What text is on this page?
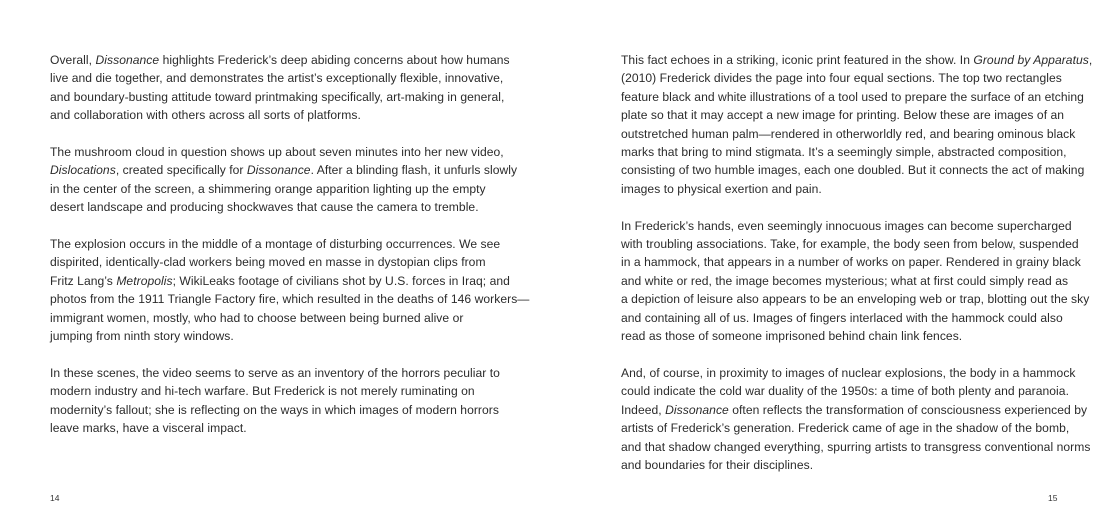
Overall, Dissonance highlights Frederick’s deep abiding concerns about how humans
live and die together, and demonstrates the artist’s exceptionally flexible, innovative,
and boundary-busting attitude toward printmaking specifically, art-making in general,
and collaboration with others across all sorts of platforms.

The mushroom cloud in question shows up about seven minutes into her new video,
Dislocations, created specifically for Dissonance. After a blinding flash, it unfurls slowly
in the center of the screen, a shimmering orange apparition lighting up the empty
desert landscape and producing shockwaves that cause the camera to tremble.

The explosion occurs in the middle of a montage of disturbing occurrences. We see
dispirited, identically-clad workers being moved en masse in dystopian clips from
Fritz Lang’s Metropolis; WikiLeaks footage of civilians shot by U.S. forces in Iraq; and
photos from the 1911 Triangle Factory fire, which resulted in the deaths of 146 workers—
immigrant women, mostly, who had to choose between being burned alive or
jumping from ninth story windows.

In these scenes, the video seems to serve as an inventory of the horrors peculiar to
modern industry and hi-tech warfare. But Frederick is not merely ruminating on
modernity’s fallout; she is reflecting on the ways in which images of modern horrors
leave marks, have a visceral impact.

14

This fact echoes in a striking, iconic print featured in the show. In Ground by Apparatus,
(2010) Frederick divides the page into four equal sections. The top two rectangles
feature black and white illustrations of a tool used to prepare the surface of an etching
plate so that it may accept a new image for printing. Below these are images of an
outstretched human palm—rendered in otherworldly red, and bearing ominous black
marks that bring to mind stigmata. It’s a seemingly simple, abstracted composition,
consisting of two humble images, each one doubled. But it connects the act of making
images to physical exertion and pain.

In Frederick’s hands, even seemingly innocuous images can become supercharged
with troubling associations. Take, for example, the body seen from below, suspended
in a hammock, that appears in a number of works on paper. Rendered in grainy black
and white or red, the image becomes mysterious; what at first could simply read as
a depiction of leisure also appears to be an enveloping web or trap, blotting out the sky
and containing all of us. Images of fingers interlaced with the hammock could also
read as those of someone imprisoned behind chain link fences.

And, of course, in proximity to images of nuclear explosions, the body in a hammock
could indicate the cold war duality of the 1950s: a time of both plenty and paranoia.
Indeed, Dissonance often reflects the transformation of consciousness experienced by
artists of Frederick’s generation. Frederick came of age in the shadow of the bomb,
and that shadow changed everything, spurring artists to transgress conventional norms
and boundaries for their disciplines.

15
